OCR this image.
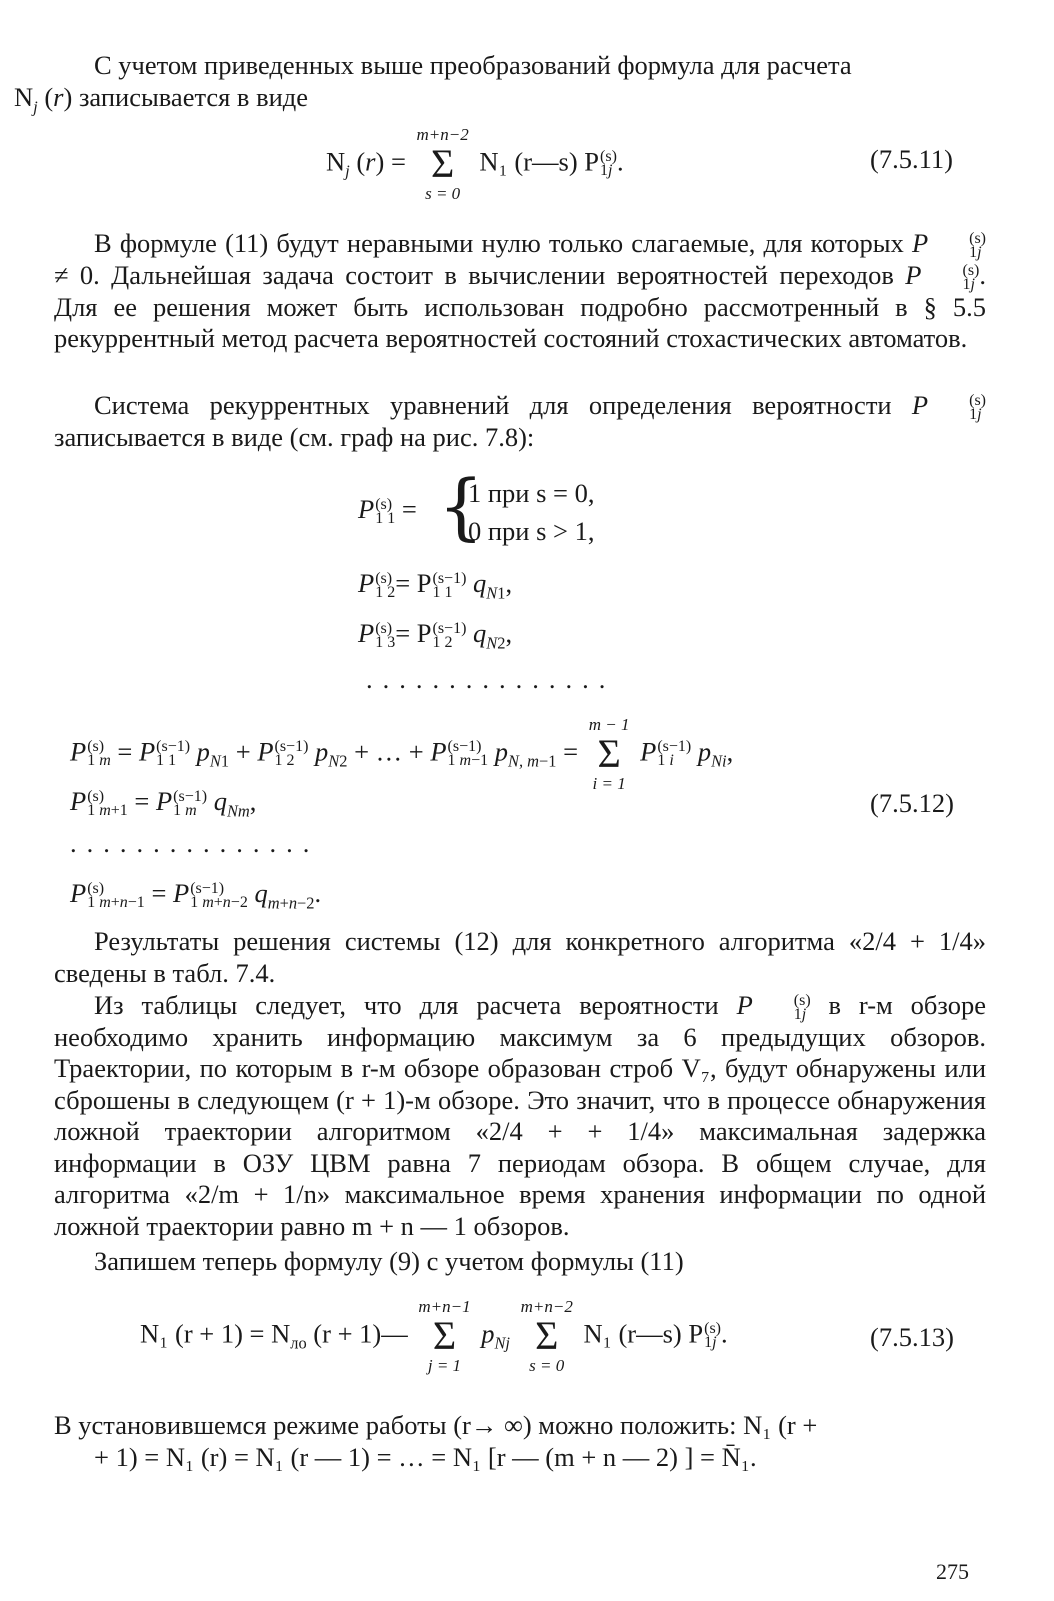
С учетом приведенных выше преобразований формула для расчета
$N_j$ (r) записывается в виде

$N_j$ (r) =
m+n−2
Σ
s = 0
N₁ (r—s) P (s)
1j .	(7.5.11)

В формуле (11) будут неравными нулю только слагаемые, для которых P	(s)
1j
≠ 0. Дальнейшая задача состоит в вычислении вероятностей переходов P	(s)
1j . Для ее решения может быть использован подробно рассмотренный в § 5.5 рекуррентный метод расчета вероятностей состояний стохастических автоматов.

Система рекуррентных уравнений для определения вероятности P	(s)
1j
записывается в виде (см. граф на рис. 7.8):

P (s)
1 1 = {
1 при s = 0,
0 при s > 1,
P (s)
1 2 = P (s−1)
1 1 $q_{N1}$,
P (s)
1 3 = P (s−1)
1 2 $q_{N2}$,
...............
P (s)
1 m = P (s−1)
1 1 $p_{N1} + P$ (s−1)
1 2 $p_{N2}$ + … + P (s−1)
1 m−1 $p_{N, m-1}$ =
m − 1
Σ
i = 1
P (s−1)
1 i $p_{Ni}$,
P (s)
1 m+1 = P (s−1)
1 m $q_{Nm}$,	(7.5.12)
...............
P (s)
1 m+n−1 = P (s−1)
1 m+n−2 $q_{m+n-2}$.

Результаты решения системы (12) для конкретного алгоритма «2/4 + 1/4» сведены в табл. 7.4.

Из таблицы следует, что для расчета вероятности P	(s)
1j в r-м обзоре необходимо хранить информацию максимум за 6 предыдущих обзоров. Траектории, по которым в r-м обзоре образован строб V₇, будут обнаружены или сброшены в следующем (r + 1)-м обзоре. Это значит, что в процессе обнаружения ложной траектории алгоритмом «2/4 + + 1/4» максимальная задержка информации в ОЗУ ЦВМ равна 7 периодам обзора. В общем случае, для алгоритма «2/m + 1/n» максимальное время хранения информации по одной ложной траектории равно m + n — 1 обзоров.

Запишем теперь формулу (9) с учетом формулы (11)

N₁ $(r + 1) = N_{ло}$ (r + 1)—
m+n−1
Σ
j = 1
$p_{Nj}$
m+n−2
Σ
s = 0
N₁ (r—s) P (s)
1j .	(7.5.13)

В установившемся режиме работы (r→ ∞) можно положить: N₁ (r +
+ 1) = N₁ (r) = N₁ (r — 1) = … = N₁ [r — (m + n — 2) ] = N̄₁.

275
